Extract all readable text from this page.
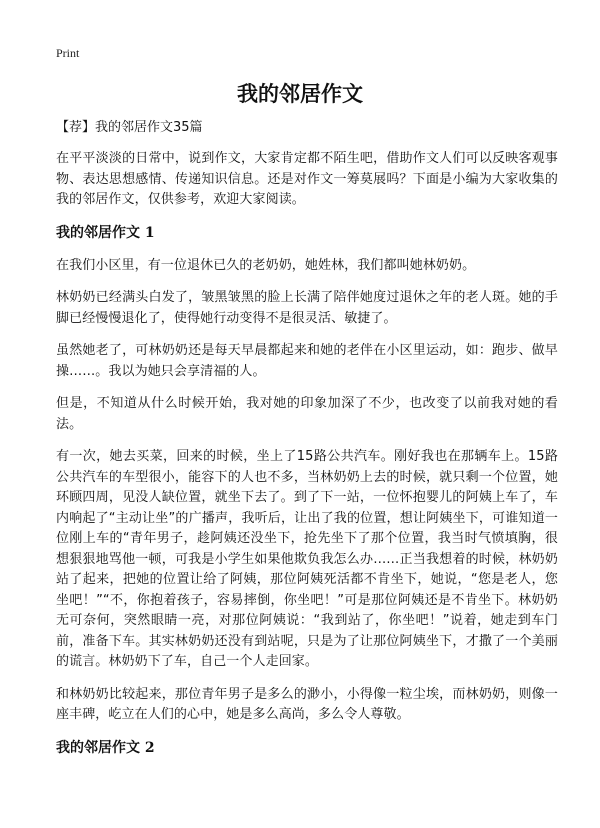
Print
我的邻居作文
【荐】我的邻居作文35篇

在平平淡淡的日常中，说到作文，大家肯定都不陌生吧，借助作文人们可以反映客观事物、表达思想感情、传递知识信息。还是对作文一筹莫展吗？下面是小编为大家收集的我的邻居作文，仅供参考，欢迎大家阅读。

我的邻居作文 1

在我们小区里，有一位退休已久的老奶奶，她姓林，我们都叫她林奶奶。

林奶奶已经满头白发了，皱黑皱黑的脸上长满了陪伴她度过退休之年的老人斑。她的手脚已经慢慢退化了，使得她行动变得不是很灵活、敏捷了。

虽然她老了，可林奶奶还是每天早晨都起来和她的老伴在小区里运动，如：跑步、做早操……。我以为她只会享清福的人。

但是，不知道从什么时候开始，我对她的印象加深了不少，也改变了以前我对她的看法。

有一次，她去买菜，回来的时候，坐上了15路公共汽车。刚好我也在那辆车上。15路公共汽车的车型很小，能容下的人也不多，当林奶奶上去的时候，就只剩一个位置，她环顾四周，见没人缺位置，就坐下去了。到了下一站，一位怀抱婴儿的阿姨上车了，车内响起了“主动让坐”的广播声，我听后，让出了我的位置，想让阿姨坐下，可谁知道一位刚上车的“青年男子，趁阿姨还没坐下，抢先坐下了那个位置，我当时气愤填胸，很想狠狠地骂他一顿，可我是小学生如果他欺负我怎么办……正当我想着的时候，林奶奶站了起来，把她的位置让给了阿姨，那位阿姨死活都不肯坐下，她说，“您是老人，您坐吧！”“不，你抱着孩子，容易摔倒，你坐吧！”可是那位阿姨还是不肯坐下。林奶奶无可奈何，突然眼睛一亮，对那位阿姨说：“我到站了，你坐吧！”说着，她走到车门前，准备下车。其实林奶奶还没有到站呢，只是为了让那位阿姨坐下，才撒了一个美丽的谎言。林奶奶下了车，自己一个人走回家。

和林奶奶比较起来，那位青年男子是多么的渺小，小得像一粒尘埃，而林奶奶，则像一座丰碑，屹立在人们的心中，她是多么高尚，多么令人尊敬。

我的邻居作文 2
